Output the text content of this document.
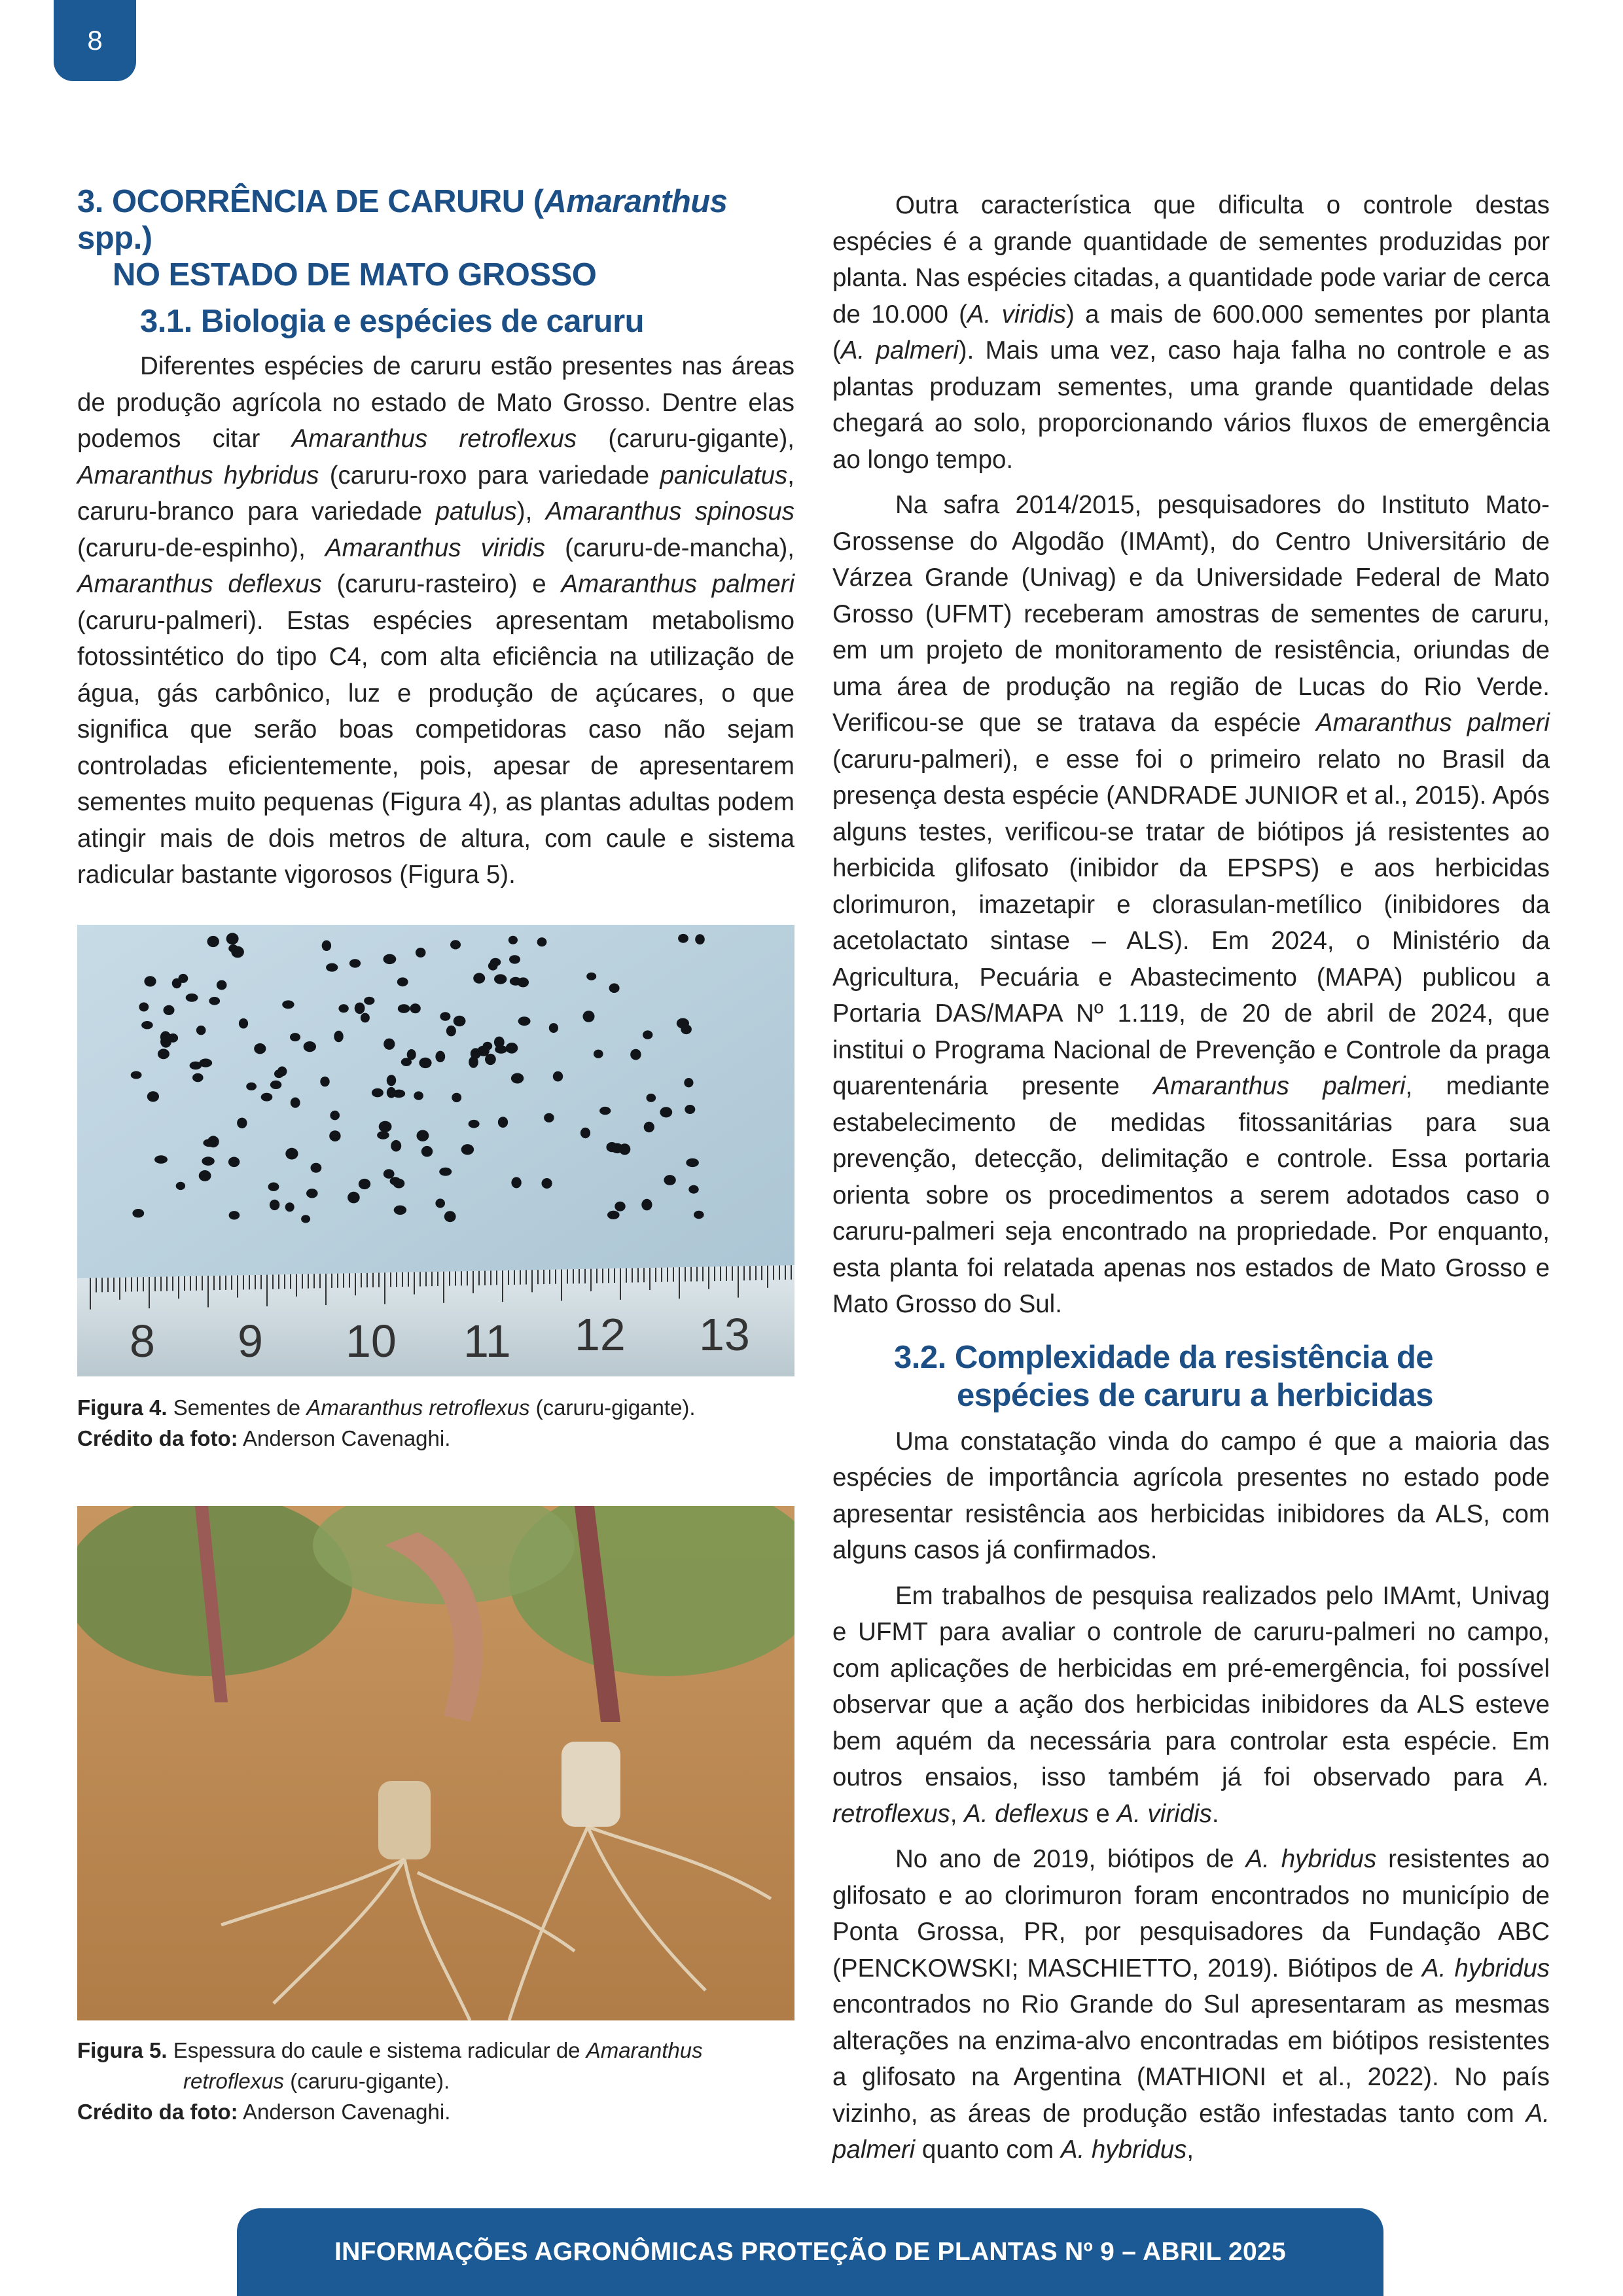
8
3. OCORRÊNCIA DE CARURU (Amaranthus spp.)
NO ESTADO DE MATO GROSSO
3.1. Biologia e espécies de caruru

Diferentes espécies de caruru estão presentes nas áreas de produção agrícola no estado de Mato Grosso. Dentre elas podemos citar Amaranthus retroflexus (caruru-gigante), Amaranthus hybridus (caruru-roxo para variedade paniculatus, caruru-branco para variedade patulus), Amaranthus spinosus (caruru-de-espinho), Amaranthus viridis (caruru-de-mancha), Amaranthus deflexus (caruru-rasteiro) e Amaranthus palmeri (caruru-palmeri). Estas espécies apresentam metabolismo fotossintético do tipo C4, com alta eficiência na utilização de água, gás carbônico, luz e produção de açúcares, o que significa que serão boas competidoras caso não sejam controladas eficientemente, pois, apesar de apresentarem sementes muito pequenas (Figura 4), as plantas adultas podem atingir mais de dois metros de altura, com caule e sistema radicular bastante vigorosos (Figura 5).

8 9 10 11 12 13

Figura 4. Sementes de Amaranthus retroflexus (caruru-gigante).

Crédito da foto: Anderson Cavenaghi.

Figura 5. Espessura do caule e sistema radicular de Amaranthus
retroflexus (caruru-gigante).

Crédito da foto: Anderson Cavenaghi.

Outra característica que dificulta o controle destas espécies é a grande quantidade de sementes produzidas por planta. Nas espécies citadas, a quantidade pode variar de cerca de 10.000 (A. viridis) a mais de 600.000 sementes por planta (A. palmeri). Mais uma vez, caso haja falha no controle e as plantas produzam sementes, uma grande quantidade delas chegará ao solo, proporcionando vários fluxos de emergência ao longo tempo.

Na safra 2014/2015, pesquisadores do Instituto Mato-Grossense do Algodão (IMAmt), do Centro Universitário de Várzea Grande (Univag) e da Universidade Federal de Mato Grosso (UFMT) receberam amostras de sementes de caruru, em um projeto de monitoramento de resistência, oriundas de uma área de produção na região de Lucas do Rio Verde. Verificou-se que se tratava da espécie Amaranthus palmeri (caruru-palmeri), e esse foi o primeiro relato no Brasil da presença desta espécie (ANDRADE JUNIOR et al., 2015). Após alguns testes, verificou-se tratar de biótipos já resistentes ao herbicida glifosato (inibidor da EPSPS) e aos herbicidas clorimuron, imazetapir e clorasulan-metílico (inibidores da acetolactato sintase – ALS). Em 2024, o Ministério da Agricultura, Pecuária e Abastecimento (MAPA) publicou a Portaria DAS/MAPA Nº 1.119, de 20 de abril de 2024, que institui o Programa Nacional de Prevenção e Controle da praga quarentenária presente Amaranthus palmeri, mediante estabelecimento de medidas fitossanitárias para sua prevenção, detecção, delimitação e controle. Essa portaria orienta sobre os procedimentos a serem adotados caso o caruru-palmeri seja encontrado na propriedade. Por enquanto, esta planta foi relatada apenas nos estados de Mato Grosso e Mato Grosso do Sul.

3.2. Complexidade da resistência de
espécies de caruru a herbicidas

Uma constatação vinda do campo é que a maioria das espécies de importância agrícola presentes no estado pode apresentar resistência aos herbicidas inibidores da ALS, com alguns casos já confirmados.

Em trabalhos de pesquisa realizados pelo IMAmt, Univag e UFMT para avaliar o controle de caruru-palmeri no campo, com aplicações de herbicidas em pré-emergência, foi possível observar que a ação dos herbicidas inibidores da ALS esteve bem aquém da necessária para controlar esta espécie. Em outros ensaios, isso também já foi observado para A. retroflexus, A. deflexus e A. viridis.

No ano de 2019, biótipos de A. hybridus resistentes ao glifosato e ao clorimuron foram encontrados no município de Ponta Grossa, PR, por pesquisadores da Fundação ABC (PENCKOWSKI; MASCHIETTO, 2019). Biótipos de A. hybridus encontrados no Rio Grande do Sul apresentaram as mesmas alterações na enzima-alvo encontradas em biótipos resistentes a glifosato na Argentina (MATHIONI et al., 2022). No país vizinho, as áreas de produção estão infestadas tanto com A. palmeri quanto com A. hybridus,

INFORMAÇÕES AGRONÔMICAS PROTEÇÃO DE PLANTAS Nº 9 – ABRIL 2025
